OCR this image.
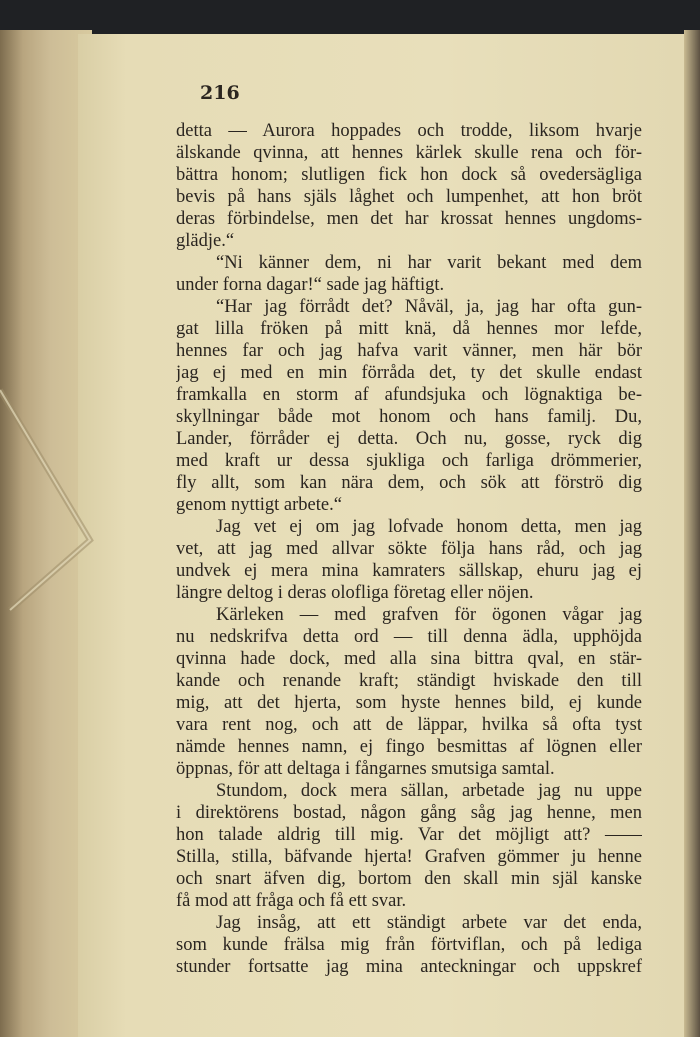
216
detta — Aurora hoppades och trodde, liksom hvarje
älskande qvinna, att hennes kärlek skulle rena och för-
bättra honom; slutligen fick hon dock så ovedersägliga
bevis på hans själs låghet och lumpenhet, att hon bröt
deras förbindelse, men det har krossat hennes ungdoms-
glädje.“
“Ni känner dem, ni har varit bekant med dem
under forna dagar!“ sade jag häftigt.
“Har jag förrådt det? Nåväl, ja, jag har ofta gun-
gat lilla fröken på mitt knä, då hennes mor lefde,
hennes far och jag hafva varit vänner, men här bör
jag ej med en min förråda det, ty det skulle endast
framkalla en storm af afundsjuka och lögnaktiga be-
skyllningar både mot honom och hans familj. Du,
Lander, förråder ej detta. Och nu, gosse, ryck dig
med kraft ur dessa sjukliga och farliga drömmerier,
fly allt, som kan nära dem, och sök att förströ dig
genom nyttigt arbete.“
Jag vet ej om jag lofvade honom detta, men jag
vet, att jag med allvar sökte följa hans råd, och jag
undvek ej mera mina kamraters sällskap, ehuru jag ej
längre deltog i deras olofliga företag eller nöjen.
Kärleken — med grafven för ögonen vågar jag
nu nedskrifva detta ord — till denna ädla, upphöjda
qvinna hade dock, med alla sina bittra qval, en stär-
kande och renande kraft; ständigt hviskade den till
mig, att det hjerta, som hyste hennes bild, ej kunde
vara rent nog, och att de läppar, hvilka så ofta tyst
nämde hennes namn, ej fingo besmittas af lögnen eller
öppnas, för att deltaga i fångarnes smutsiga samtal.
Stundom, dock mera sällan, arbetade jag nu uppe
i direktörens bostad, någon gång såg jag henne, men
hon talade aldrig till mig. Var det möjligt att? ——
Stilla, stilla, bäfvande hjerta! Grafven gömmer ju henne
och snart äfven dig, bortom den skall min själ kanske
få mod att fråga och få ett svar.
Jag insåg, att ett ständigt arbete var det enda,
som kunde frälsa mig från förtviflan, och på lediga
stunder fortsatte jag mina anteckningar och uppskref
